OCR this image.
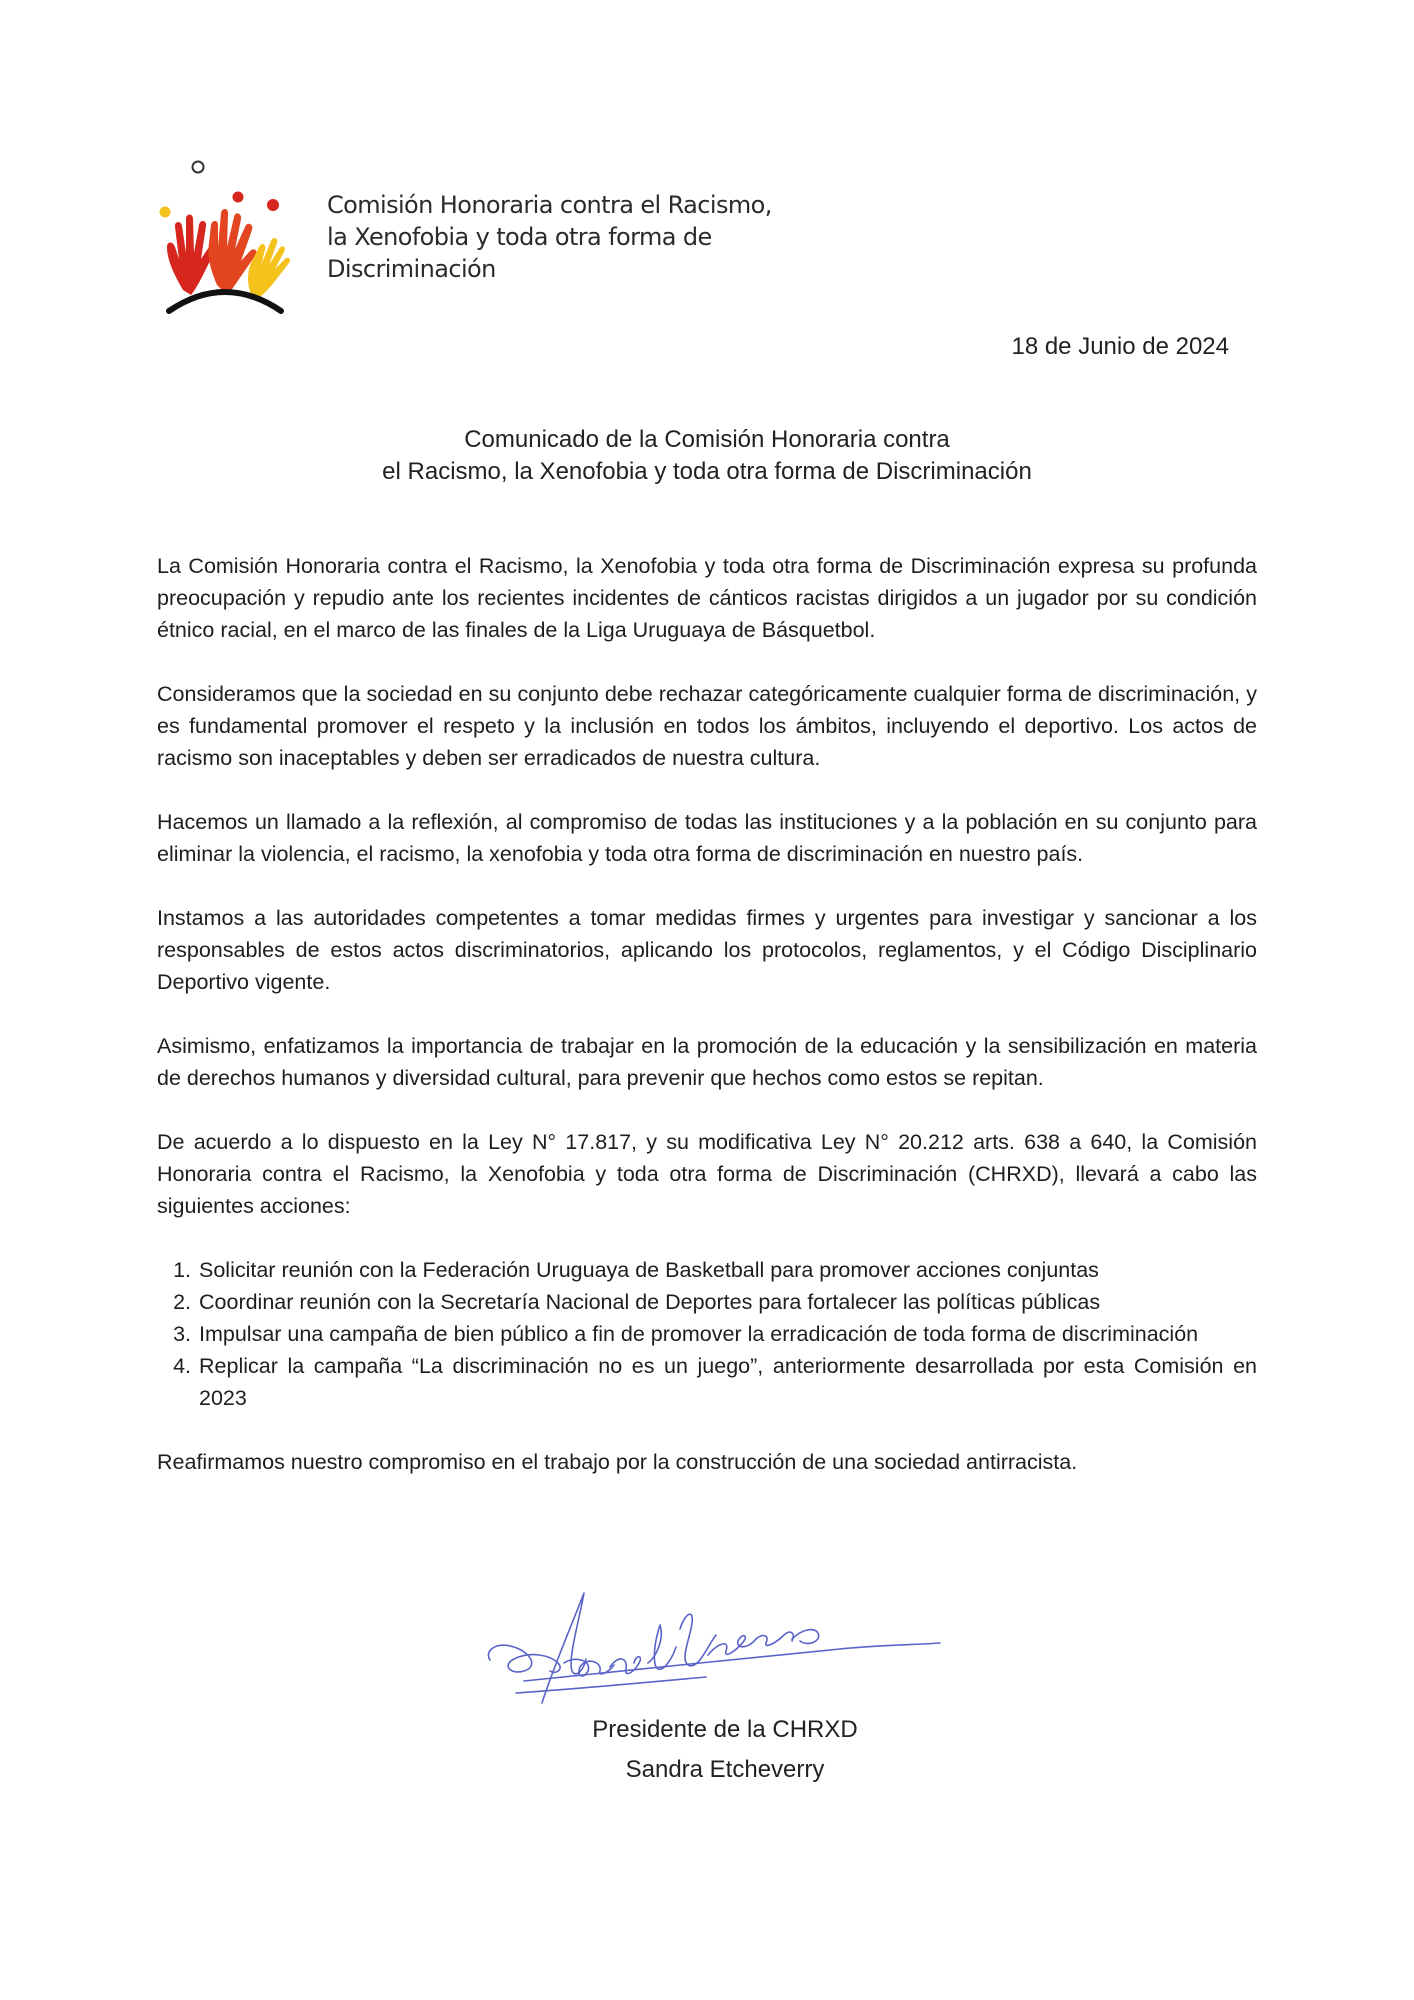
Comisión Honoraria contra el Racismo,
la Xenofobia y toda otra forma de
Discriminación
18 de Junio de 2024
Comunicado de la Comisión Honoraria contra
el Racismo, la Xenofobia y toda otra forma de Discriminación

La Comisión Honoraria contra el Racismo, la Xenofobia y toda otra forma de Discriminación expresa su profunda preocupación y repudio ante los recientes incidentes de cánticos racistas dirigidos a un jugador por su condición étnico racial, en el marco de las finales de la Liga Uruguaya de Básquetbol.

Consideramos que la sociedad en su conjunto debe rechazar categóricamente cualquier forma de discriminación, y es fundamental promover el respeto y la inclusión en todos los ámbitos, incluyendo el deportivo. Los actos de racismo son inaceptables y deben ser erradicados de nuestra cultura.

Hacemos un llamado a la reflexión, al compromiso de todas las instituciones y a la población en su conjunto para eliminar la violencia, el racismo, la xenofobia y toda otra forma de discriminación en nuestro país.

Instamos a las autoridades competentes a tomar medidas firmes y urgentes para investigar y sancionar a los responsables de estos actos discriminatorios, aplicando los protocolos, reglamentos, y el Código Disciplinario Deportivo vigente.

Asimismo, enfatizamos la importancia de trabajar en la promoción de la educación y la sensibilización en materia de derechos humanos y diversidad cultural, para prevenir que hechos como estos se repitan.

De acuerdo a lo dispuesto en la Ley N° 17.817, y su modificativa Ley N° 20.212 arts. 638 a 640, la Comisión Honoraria contra el Racismo, la Xenofobia y toda otra forma de Discriminación (CHRXD), llevará a cabo las siguientes acciones:

1. Solicitar reunión con la Federación Uruguaya de Basketball para promover acciones conjuntas
2. Coordinar reunión con la Secretaría Nacional de Deportes para fortalecer las políticas públicas
3. Impulsar una campaña de bien público a fin de promover la erradicación de toda forma de discriminación
4. Replicar la campaña “La discriminación no es un juego”, anteriormente desarrollada por esta Comisión en 2023

Reafirmamos nuestro compromiso en el trabajo por la construcción de una sociedad antirracista.

Presidente de la CHRXD
Sandra Etcheverry
